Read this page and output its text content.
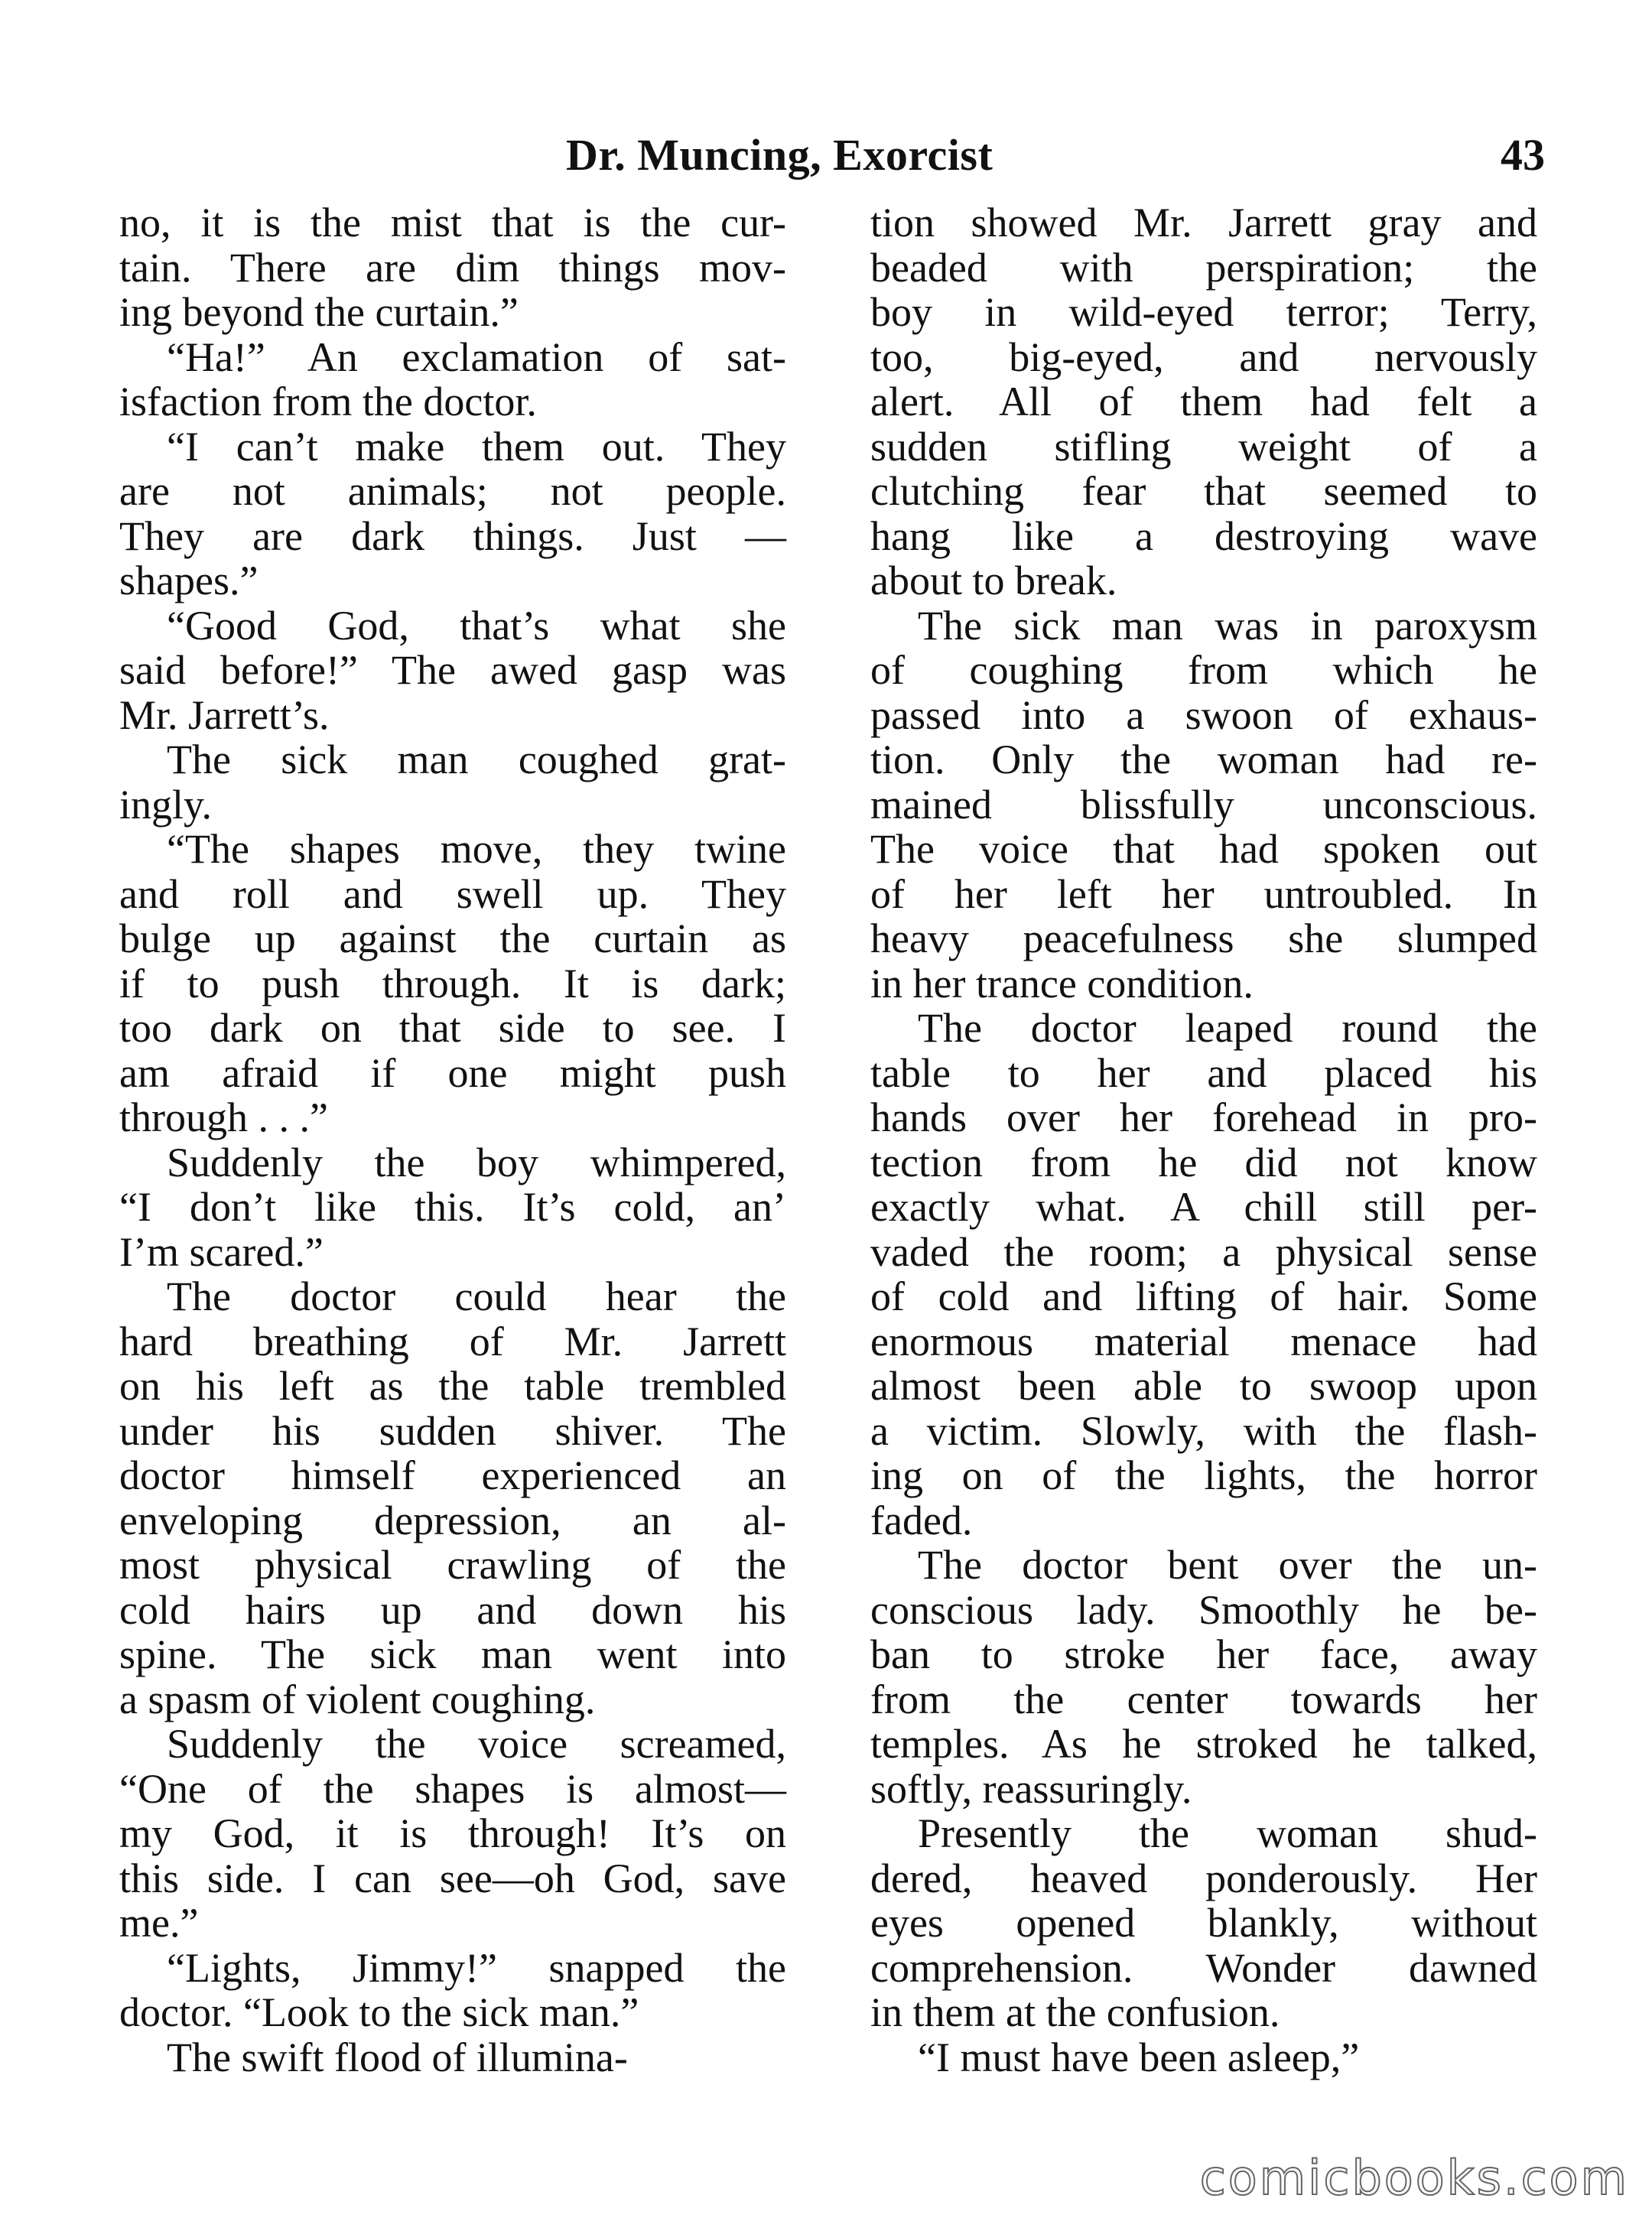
Dr. Muncing, Exorcist	43
no, it is the mist that is the cur-
tain. There are dim things mov-
ing beyond the curtain.”
“Ha!” An exclamation of sat-
isfaction from the doctor.
“I can’t make them out. They
are not animals; not people.
They are dark things. Just —
shapes.”
“Good God, that’s what she
said before!” The awed gasp was
Mr. Jarrett’s.
The sick man coughed grat-
ingly.
“The shapes move, they twine
and roll and swell up. They
bulge up against the curtain as
if to push through. It is dark;
too dark on that side to see. I
am afraid if one might push
through . . .”
Suddenly the boy whimpered,
“I don’t like this. It’s cold, an’
I’m scared.”
The doctor could hear the
hard breathing of Mr. Jarrett
on his left as the table trembled
under his sudden shiver. The
doctor himself experienced an
enveloping depression, an al-
most physical crawling of the
cold hairs up and down his
spine. The sick man went into
a spasm of violent coughing.
Suddenly the voice screamed,
“One of the shapes is almost—
my God, it is through! It’s on
this side. I can see—oh God, save
me.”
“Lights, Jimmy!” snapped the
doctor. “Look to the sick man.”
The swift flood of illumina-
tion showed Mr. Jarrett gray and
beaded with perspiration; the
boy in wild-eyed terror; Terry,
too, big-eyed, and nervously
alert. All of them had felt a
sudden stifling weight of a
clutching fear that seemed to
hang like a destroying wave
about to break.
The sick man was in paroxysm
of coughing from which he
passed into a swoon of exhaus-
tion. Only the woman had re-
mained blissfully unconscious.
The voice that had spoken out
of her left her untroubled. In
heavy peacefulness she slumped
in her trance condition.
The doctor leaped round the
table to her and placed his
hands over her forehead in pro-
tection from he did not know
exactly what. A chill still per-
vaded the room; a physical sense
of cold and lifting of hair. Some
enormous material menace had
almost been able to swoop upon
a victim. Slowly, with the flash-
ing on of the lights, the horror
faded.
The doctor bent over the un-
conscious lady. Smoothly he be-
ban to stroke her face, away
from the center towards her
temples. As he stroked he talked,
softly, reassuringly.
Presently the woman shud-
dered, heaved ponderously. Her
eyes opened blankly, without
comprehension. Wonder dawned
in them at the confusion.
“I must have been asleep,”
comicbooks.com
